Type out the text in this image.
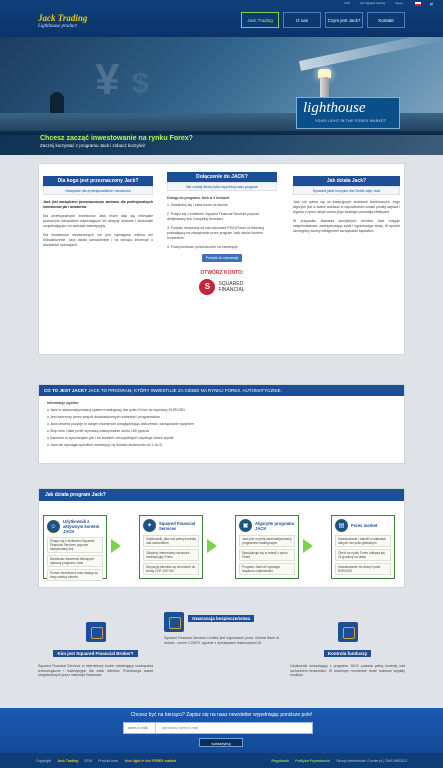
CSK	biuro@jack.trading	skype	pl
Jack Trading
Lighthouse product
Jack Trading	O nas	Czym jest Jack?	Kontakt
¥ $
lighthouse
YOUR LIGHT IN THE FOREX MARKET
Chcesz zacząć inwestowanie na rynku Forex?

Zacznij korzystać z programu Jack i zobacz korzyści!

Dla kogo jest przeznaczony Jack?
Narzędzie dla profesjonalistów i amatorów

Jack jest narzędziem przeznaczonym zarówno dla profesjonalnych inwestorów jak i amatorów.

Dla profesjonalnych inwestorów Jack może stać się niezwykle pomocnym narzędziem wspierającym ich decyzje rynkowe i doskonale uzupełniającym ich warsztat inwestycyjny.

Dla inwestorów niezawodnych nie jest wymagana wiedza ani doświadczenie. Jack działa samodzielnie i na bieżąco informuje o wszystkich operacjach.

Dołączenie do JACK?
Nie czekaj dłużej tylko wypróbuj nasz program
Dostęp do programu Jack w 4 krokach:
1. Zarejestruj się i załóż konto na stronie
2. Połącz się z brokerem Squared Financial Services poprzez dedykowany link i uzupełnij formularz.
3. Podpisz otrzymany od nas dokument POA (Power of Attorney) pozwalający na zarządzanie przez program Jack swoim kontem brokerskim.
4. Podaj fundusze przeznaczone na inwestycje.
Przejdź do rejestracji
OTWÓRZ KONTO:
S	SQUARED
FINANCIAL
Jak działa Jack?
Sprawdź jakie korzyści dla Ciebie daje Jack

Jack nie opiera się na tradycyjnych analizach technicznych. Jego algorytm jest w stanie wskazać w odpowiednim czasie punkty wejścia i wyjścia z rynku dzięki czemu jego strategie pozostają efektywne.

W przypadku złamania korzystnych trendów Jack reaguje natychmiastowo, zabezpieczając zyski i ograniczając straty. W sposób szczególny tworzy inteligentne zarządzanie kapitałem.

CO TO JEST JACK? JACK TO PROGRAM, KTÓRY INWESTUJE ZA CIEBIE NA RYNKU FOREX. AUTOMATYCZNIE.
Informacje ogólne:
o Jack to zautomatyzowany system tradingowy dla rynku Forex do wymiany EUR/USD
o Jest tworzony przez zespół doświadczonych traderów i programistów
o Jack otwiera pozycje w danym momencie uwzględniając obliczenia i zarządzanie ryzykiem
o Stop loss i take profit wynoszą maksymalnie około 150 pipsów
o Zarówno w symulacjach jak i na kontach rzeczywistych uzyskuje dobre wyniki
o Jack nie wymaga wysokich inwestycji, by działać skutecznie od 1 do 5.
Jak działa program Jack?
☺
Użytkownik z aktywnym kontem JACK
Połącz się z brokerem Squared Financial Services poprzez dedykowany link
Możliwość śledzenia bieżących operacji programu Jack
Pomoc techniczna oraz dostęp do bazy wiedzy klienta
✦	Squared Financial Services
Użytkownik, jako ma pełną kontrolę nad rachunkiem
Oficjalny internetowy rachunek inwestycyjny Forex
Depozyty klientów są chronione do kwoty CHF 100 000
▣	Algorytm programu JACK
Jack jest w pełni zautomatyzowany programem tradingowym
Specjalizuje się w relacji z rynku Forex
Program Jack nie wymaga wsparcia użytkownika
▤	Forex market
Inwestowanie i handel w walutach obcych na rynku globalnym
Obrót na rynku Forex odbywa się 24 godziny na dobę
Inwestowanie na niższy rynek EUR/USD
Kim jest Squared Financial Broker?
Squared Financial Services to internetowy broker zawierający rozwiązania technologiczne i inwestycyjne dla wielu klientów. Przestrzega zasad uregulowanych przez instytucje finansowe.
Gwarancja bezpieczeństwa
Squared Financial Services Limited jest regulowane przez Central Bank of Ireland - numer C10679, zgodnie z dyrektywami finansowymi UE.
Kontrola funduszy
Użytkownik korzystający z programu JACK posiada pełną kontrolę nad rachunkiem brokerskim. W dowolnym momencie może dokonać wypłaty środków.
Chcesz być na bieżąco? Zapisz się na nasz newsletter wypełniając poniższe pole!
adres e-mail:	wprowadź adres e-mail
subskrybuj
Copyright Jack Trading 2015 Product from Your light in the FOREX market	Regulamin Polityka Prywatności Strony internetowe: iCenter.pl | CMS WEBCO
